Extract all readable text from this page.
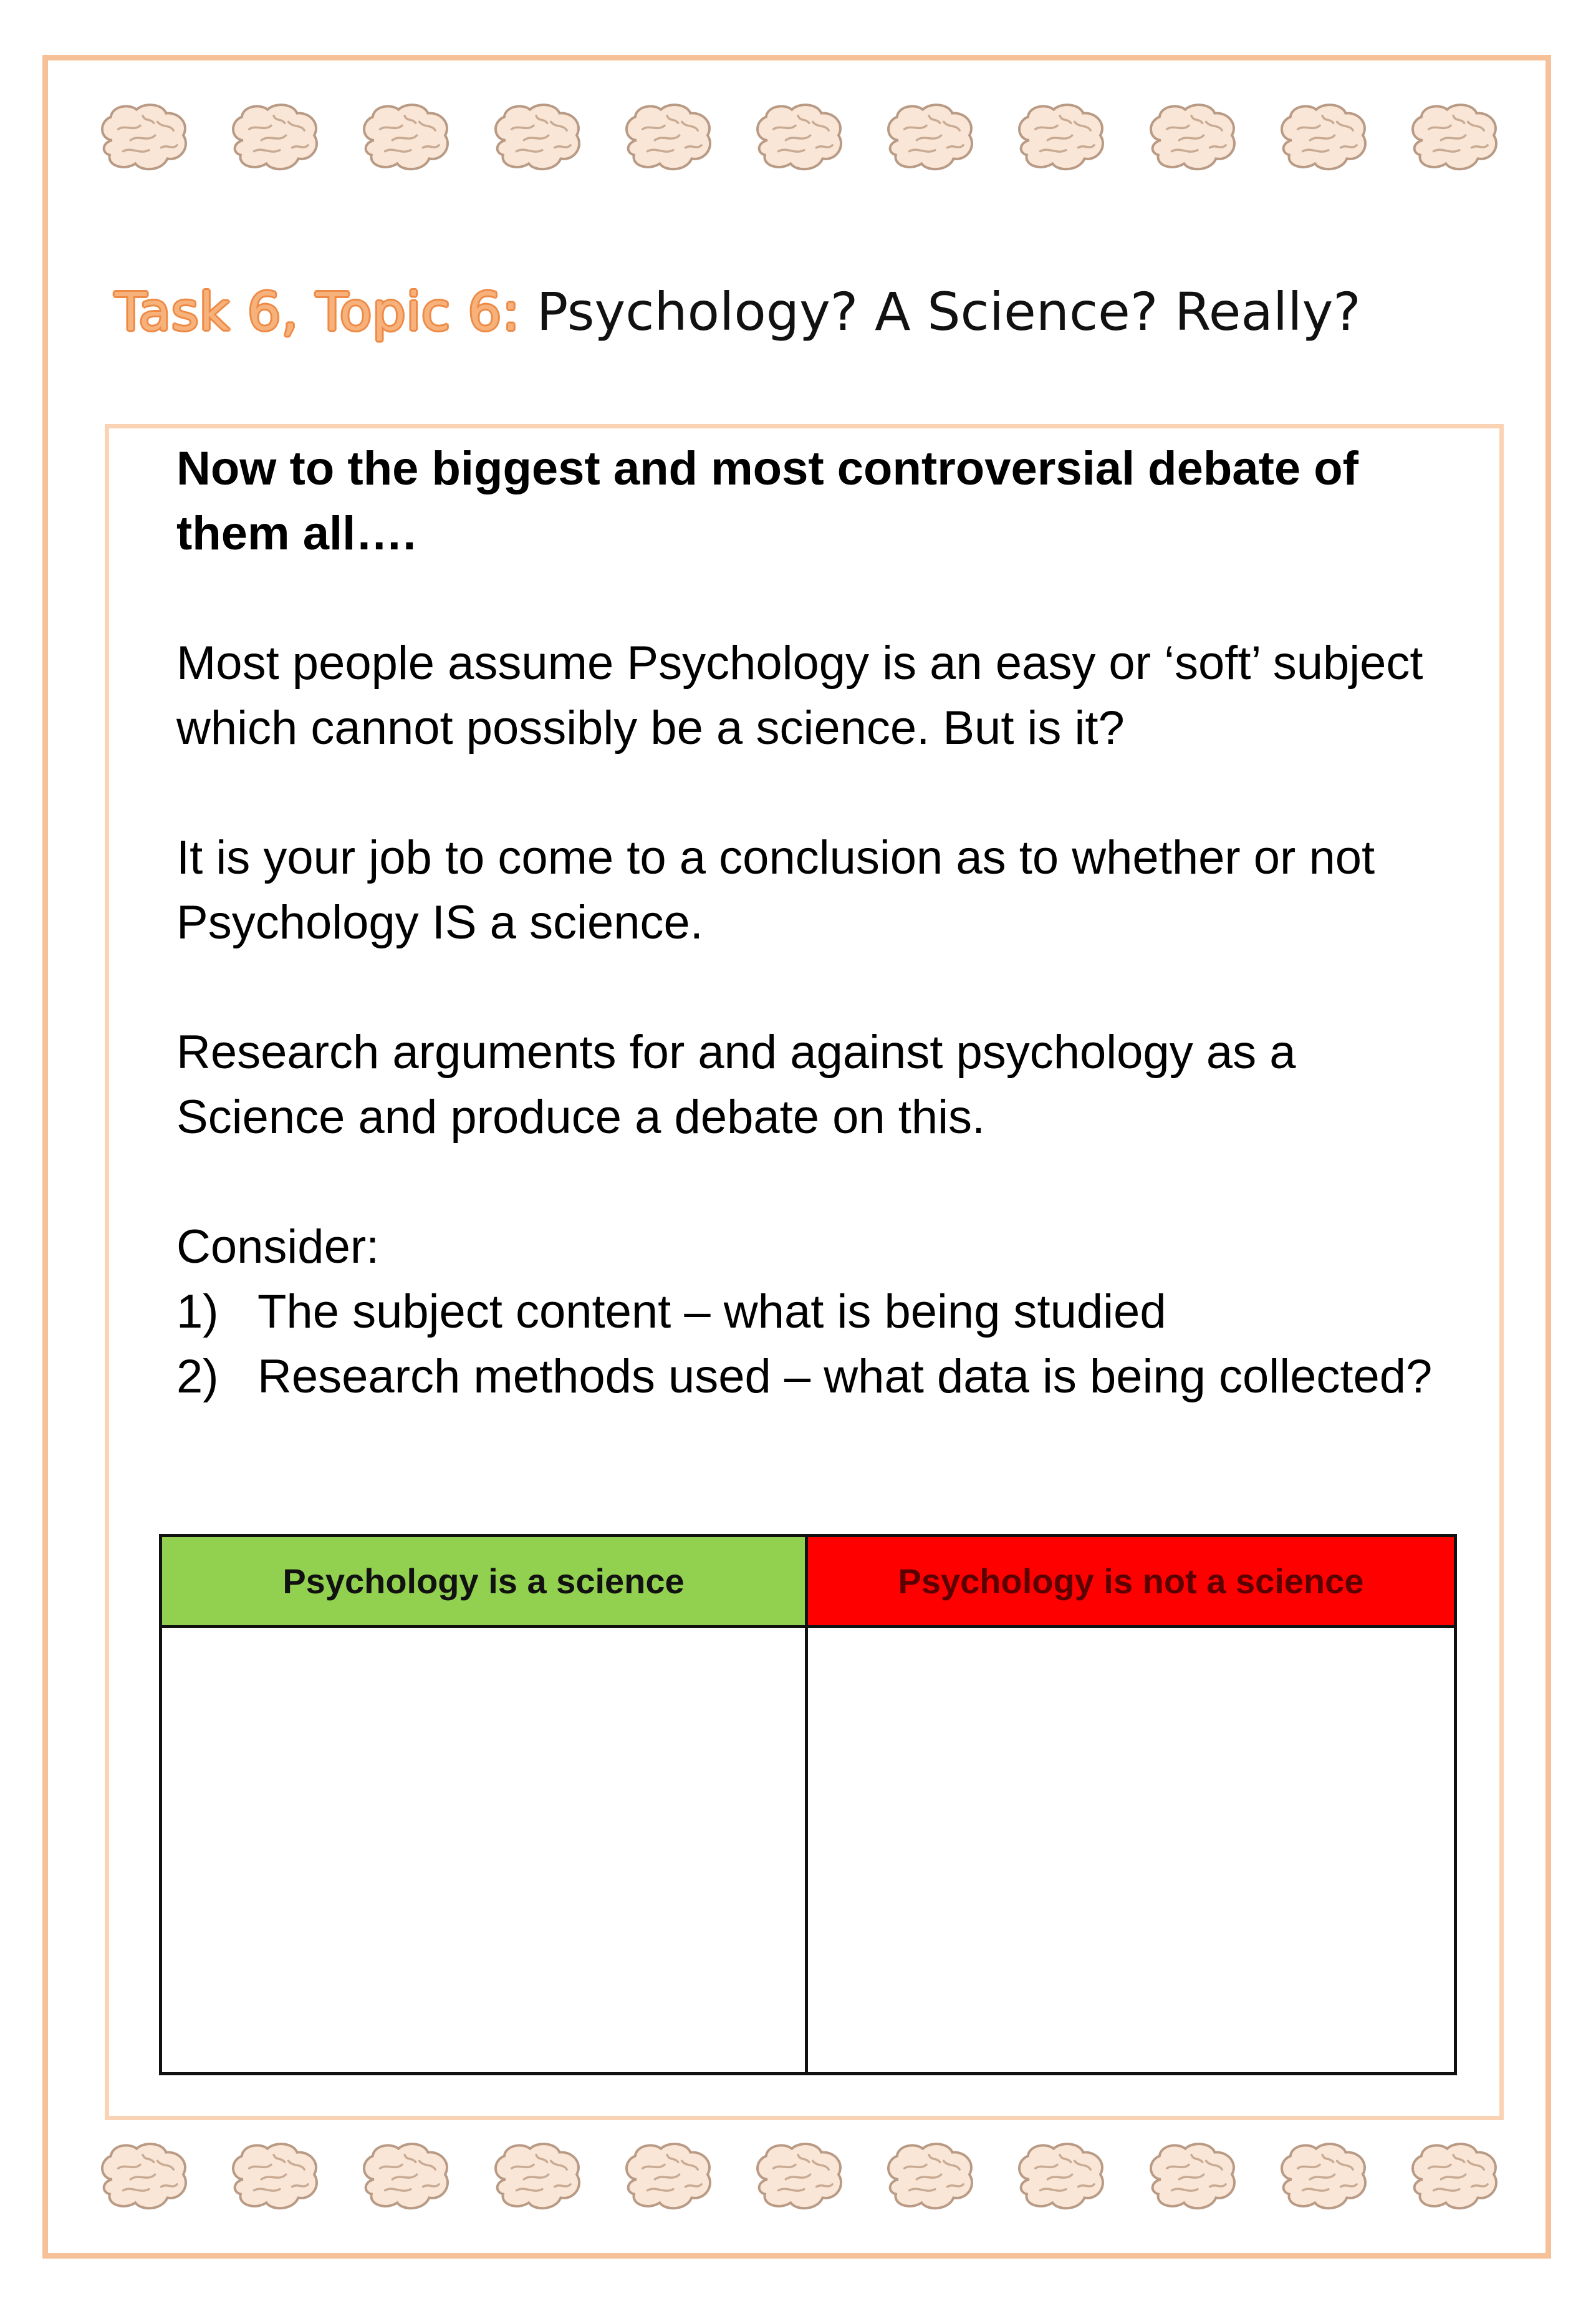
Task 6, Topic 6: Psychology? A Science? Really?

Now to the biggest and most controversial debate of them all….

Most people assume Psychology is an easy or ‘soft’ subject which cannot possibly be a science. But is it?

It is your job to come to a conclusion as to whether or not Psychology IS a science.

Research arguments for and against psychology as a Science and produce a debate on this.

Consider:

1) The subject content – what is being studied
2) Research methods used – what data is being collected?
Psychology is a science	Psychology is not a science
